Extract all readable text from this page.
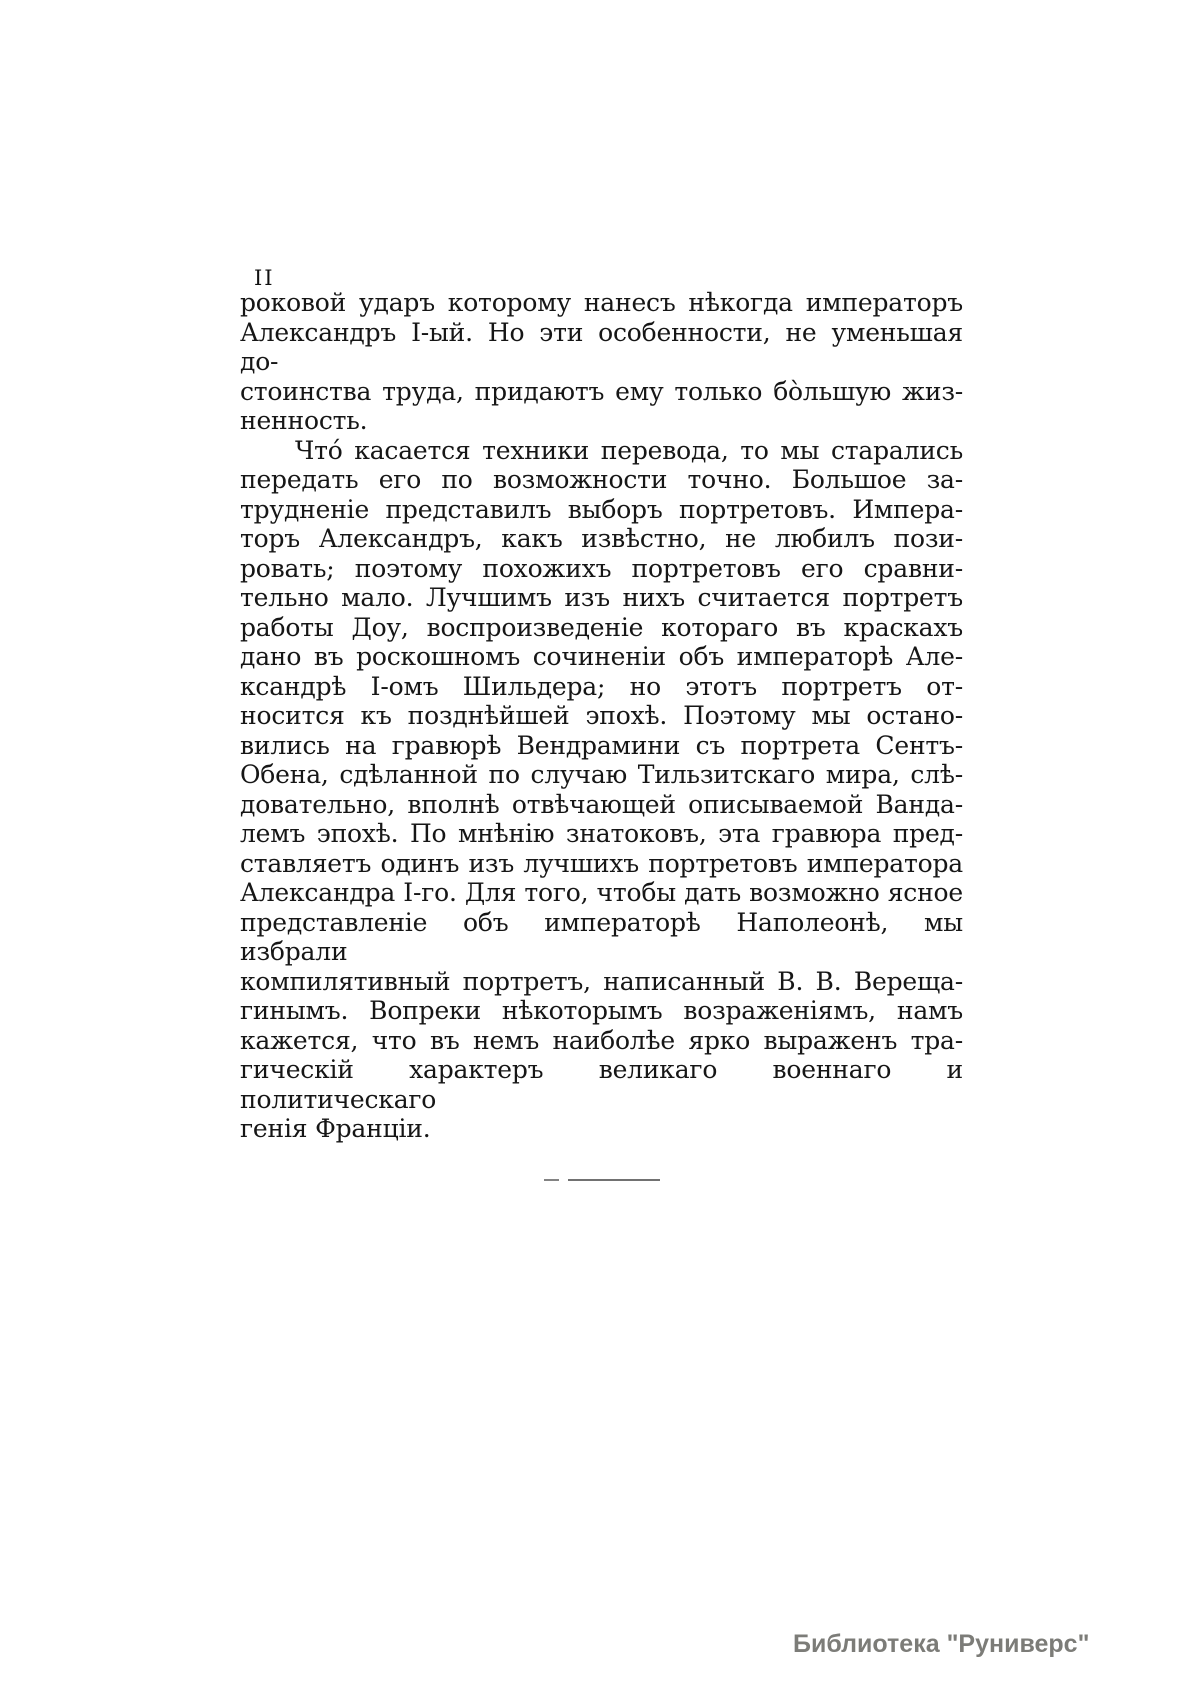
II
роковой ударъ которому нанесъ нѣкогда императоръ
Александръ I-ый. Но эти особенности, не уменьшая до-
стоинства труда, придаютъ ему только бо̀льшую жиз-
ненность.
Что́ касается техники перевода, то мы старались
передать его по возможности точно. Большое за-
трудненіе представилъ выборъ портретовъ. Импера-
торъ Александръ, какъ извѣстно, не любилъ пози-
ровать; поэтому похожихъ портретовъ его сравни-
тельно мало. Лучшимъ изъ нихъ считается портретъ
работы Доу, воспроизведеніе котораго въ краскахъ
дано въ роскошномъ сочиненіи объ императорѣ Але-
ксандрѣ I-омъ Шильдера; но этотъ портретъ от-
носится къ позднѣйшей эпохѣ. Поэтому мы остано-
вились на гравюрѣ Вендрамини съ портрета Сентъ-
Обена, сдѣланной по случаю Тильзитскаго мира, слѣ-
довательно, вполнѣ отвѣчающей описываемой Ванда-
лемъ эпохѣ. По мнѣнію знатоковъ, эта гравюра пред-
ставляетъ одинъ изъ лучшихъ портретовъ императора
Александра I-го. Для того, чтобы дать возможно ясное
представленіе объ императорѣ Наполеонѣ, мы избрали
компилятивный портретъ, написанный В. В. Вереща-
гинымъ. Вопреки нѣкоторымъ возраженіямъ, намъ
кажется, что въ немъ наиболѣе ярко выраженъ тра-
гическій характеръ великаго военнаго и политическаго
генія Франціи.
Библиотека "Руниверс"
